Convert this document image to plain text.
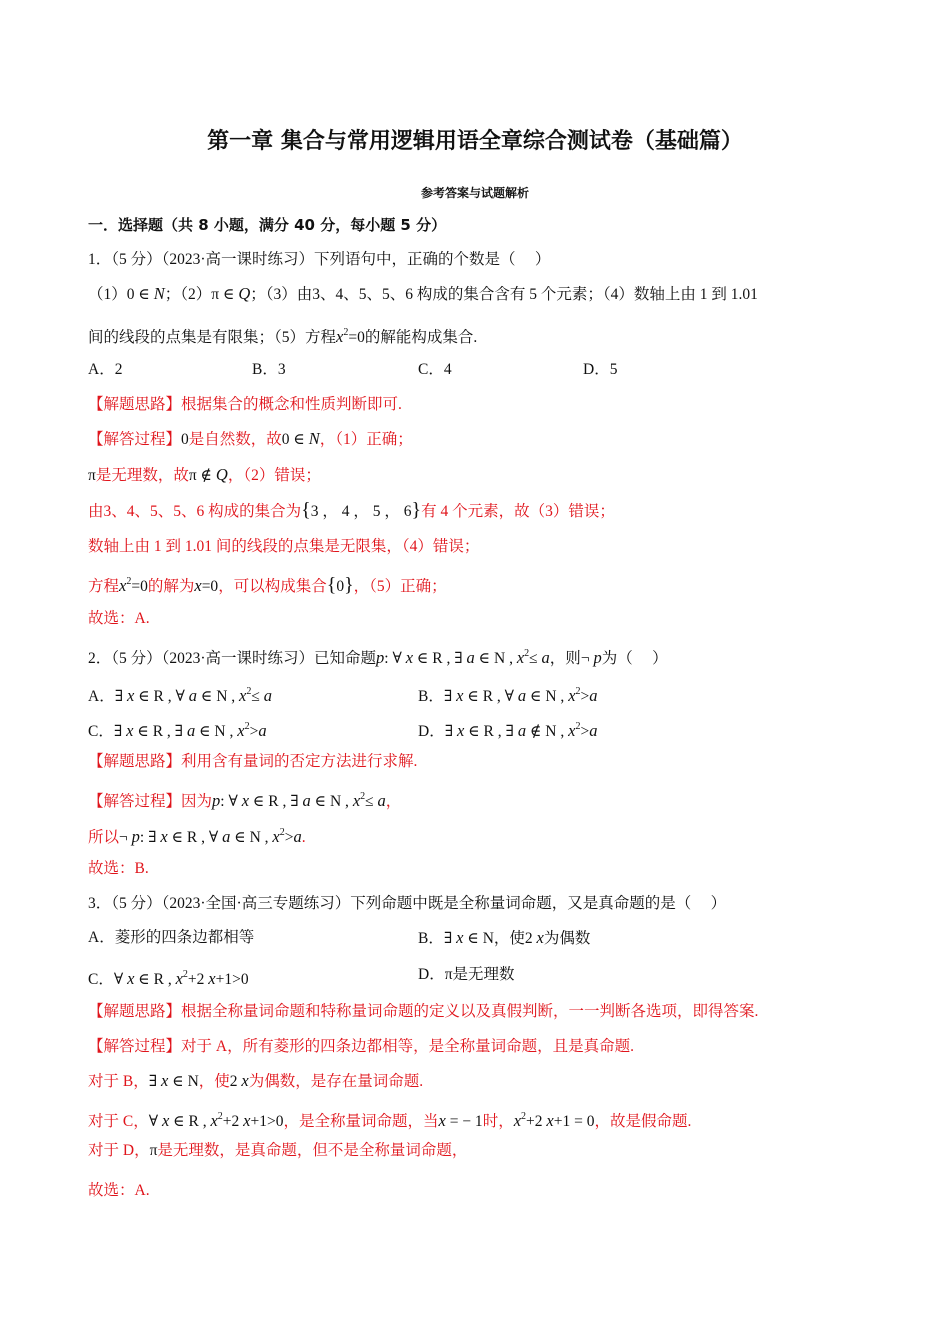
第一章 集合与常用逻辑用语全章综合测试卷（基础篇）
参考答案与试题解析
一．选择题（共 8 小题，满分 40 分，每小题 5 分）
1．（5 分）（2023·高一课时练习）下列语句中，正确的个数是（　 ）
（1）0 ∈ N；（2）π ∈ Q；（3）由3、4、5、5、6 构成的集合含有 5 个元素；（4）数轴上由 1 到 1.01
间的线段的点集是有限集；（5）方程$x^2=0$的解能构成集合.
A．2	B．3	C．4	D．5
【解题思路】根据集合的概念和性质判断即可.
【解答过程】0是自然数，故0 ∈ N，（1）正确；
π是无理数，故π ∉ Q，（2）错误；
由3、4、5、5、6 构成的集合为{3 ， 4 ， 5 ， 6}有 4 个元素，故（3）错误；
数轴上由 1 到 1.01 间的线段的点集是无限集，（4）错误；
方程$x^2=0$的解为x=0，可以构成集合{0}，（5）正确；
故选：A.
2．（5 分）（2023·高一课时练习）已知命题p: ∀ x ∈ R , ∃ a ∈ N , $x^2\le a$，则¬ p为（　 ）
A．∃ x ∈ R , ∀ a ∈ N , $x^2\le a$	B．∃ x ∈ R , ∀ a ∈ N , $x^2>a$
C．∃ x ∈ R , ∃ a ∈ N , $x^2>a$	D．∃ x ∈ R , ∃ a ∉ N , $x^2>a$
【解题思路】利用含有量词的否定方法进行求解.
【解答过程】因为p: ∀ x ∈ R , ∃ a ∈ N , $x^2\le a$，
所以¬ p: ∃ x ∈ R , ∀ a ∈ N , $x^2>a$.
故选：B.
3．（5 分）（2023·全国·高三专题练习）下列命题中既是全称量词命题，又是真命题的是（　 ）
A．菱形的四条边都相等	B．∃ x ∈ N，使2 x为偶数
C．∀ x ∈ R , $x^2+2$ x+1>0	D．π是无理数
【解题思路】根据全称量词命题和特称量词命题的定义以及真假判断，一一判断各选项，即得答案.
【解答过程】对于 A，所有菱形的四条边都相等，是全称量词命题，且是真命题.
对于 B，∃ x ∈ N，使2 x为偶数，是存在量词命题.
对于 C，∀ x ∈ R , $x^2+2$ x+1>0，是全称量词命题，当x = − 1时，$x^2+2$ x+1 = 0，故是假命题.
对于 D，π是无理数，是真命题，但不是全称量词命题，
故选：A.
